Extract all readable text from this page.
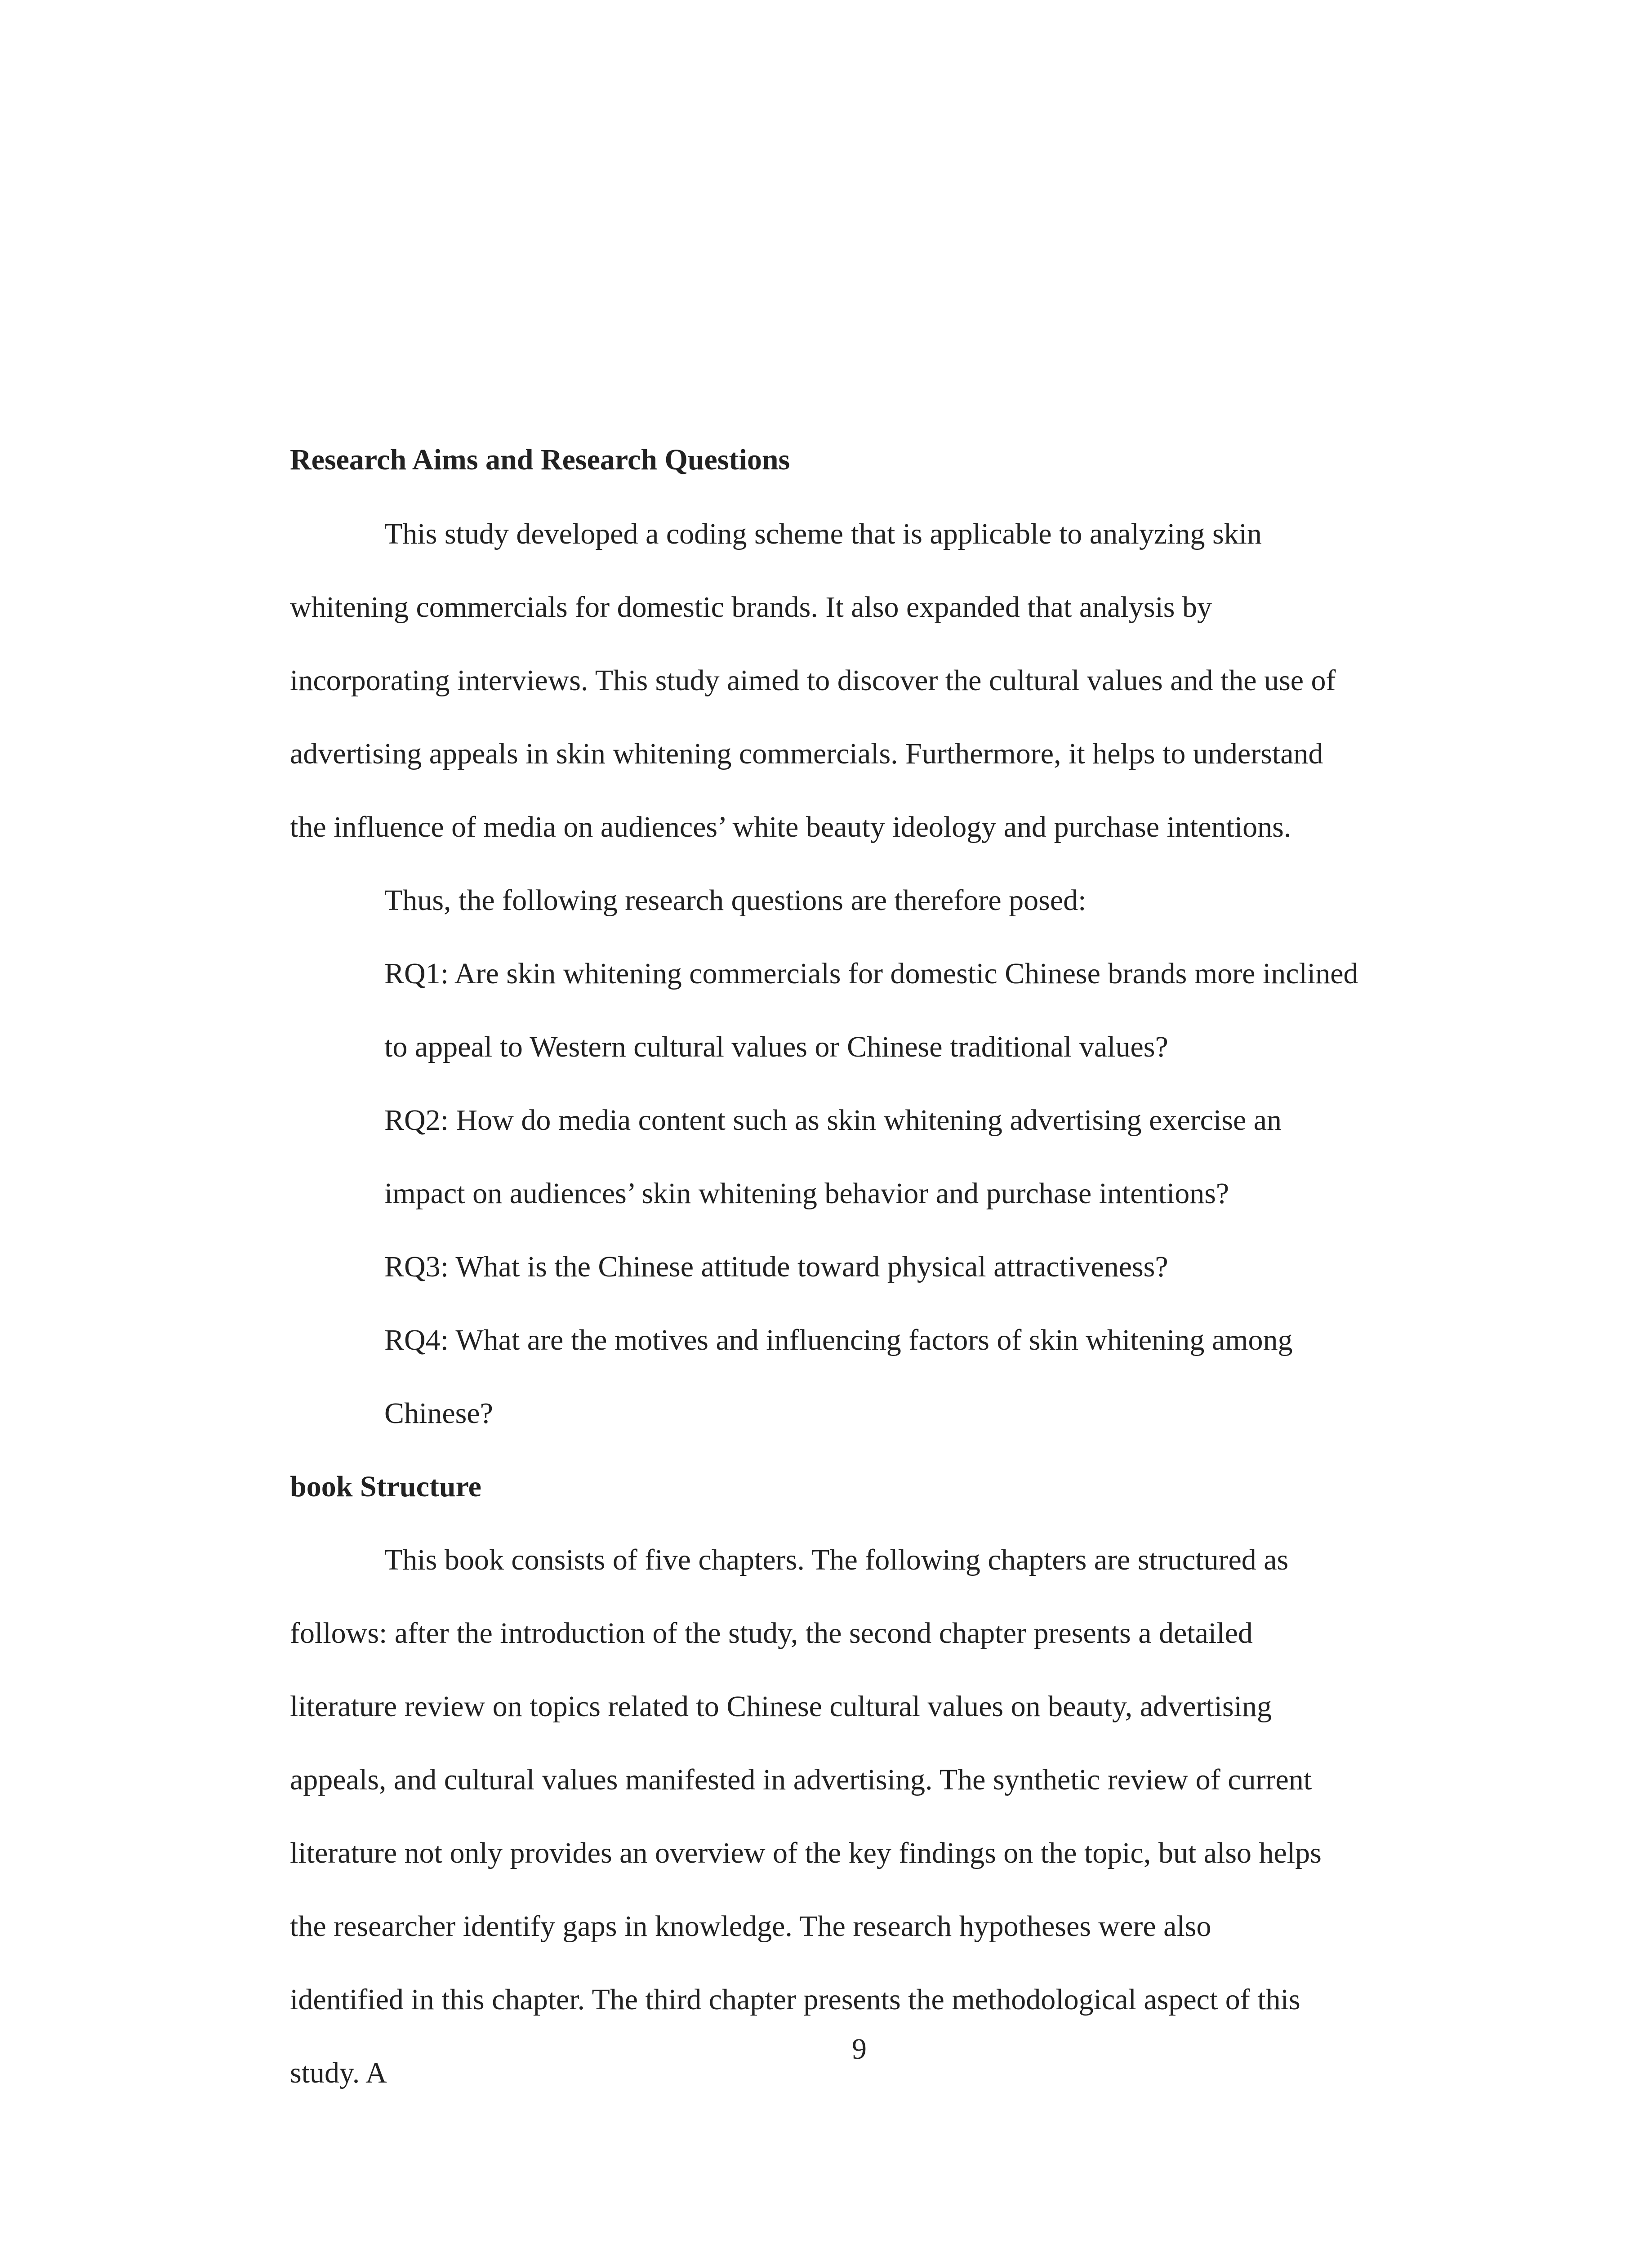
Research Aims and Research Questions
This study developed a coding scheme that is applicable to analyzing skin
whitening commercials for domestic brands. It also expanded that analysis by
incorporating interviews. This study aimed to discover the cultural values and the use of
advertising appeals in skin whitening commercials. Furthermore, it helps to understand
the influence of media on audiences’ white beauty ideology and purchase intentions.
Thus, the following research questions are therefore posed:
RQ1: Are skin whitening commercials for domestic Chinese brands more inclined
to appeal to Western cultural values or Chinese traditional values?
RQ2: How do media content such as skin whitening advertising exercise an
impact on audiences’ skin whitening behavior and purchase intentions?
RQ3: What is the Chinese attitude toward physical attractiveness?
RQ4: What are the motives and influencing factors of skin whitening among
Chinese?
book Structure
This book consists of five chapters. The following chapters are structured as
follows: after the introduction of the study, the second chapter presents a detailed
literature review on topics related to Chinese cultural values on beauty, advertising
appeals, and cultural values manifested in advertising. The synthetic review of current
literature not only provides an overview of the key findings on the topic, but also helps
the researcher identify gaps in knowledge. The research hypotheses were also
identified in this chapter. The third chapter presents the methodological aspect of this
study. A
9
